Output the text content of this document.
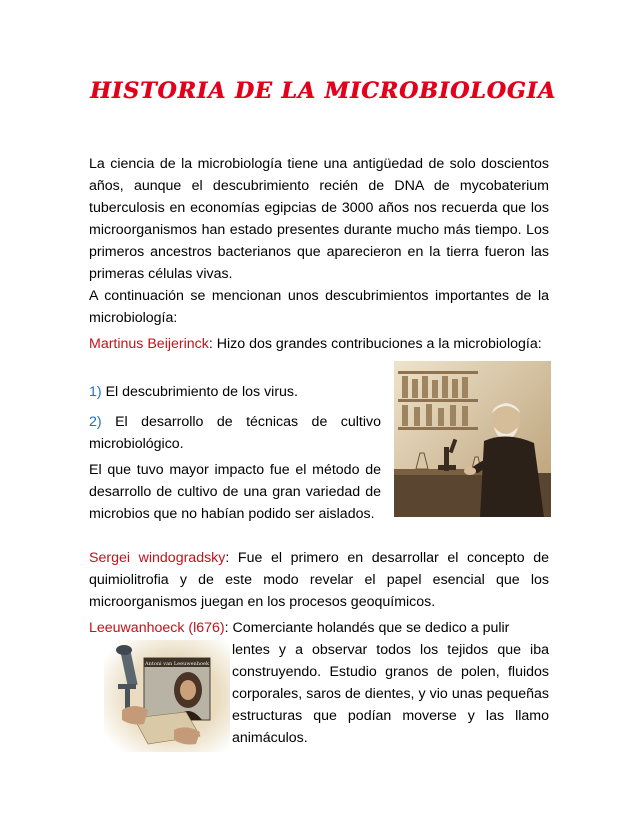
HISTORIA DE LA MICROBIOLOGIA

La ciencia de la microbiología tiene una antigüedad de solo doscientos años, aunque el descubrimiento recién de DNA de mycobaterium tuberculosis en economías egipcias de 3000 años nos recuerda que los microorganismos han estado presentes durante mucho más tiempo. Los primeros ancestros bacterianos que aparecieron en la tierra fueron las primeras células vivas.

A continuación se mencionan unos descubrimientos importantes de la microbiología:

Martinus Beijerinck: Hizo dos grandes contribuciones a la microbiología:

1) El descubrimiento de los virus.

2) El desarrollo de técnicas de cultivo microbiológico.

El que tuvo mayor impacto fue el método de desarrollo de cultivo de una gran variedad de microbios que no habían podido ser aislados.

Sergei windogradsky: Fue el primero en desarrollar el concepto de quimiolitrofia y de este modo revelar el papel esencial que los microorganismos juegan en los procesos geoquímicos.

Leeuwanhoeck (l676): Comerciante holandés que se dedico a pulir

lentes y a observar todos los tejidos que iba construyendo. Estudio granos de polen, fluidos corporales, saros de dientes, y vio unas pequeñas estructuras que podían moverse y las llamo animáculos.

Antoni van Leeuwenhoek
